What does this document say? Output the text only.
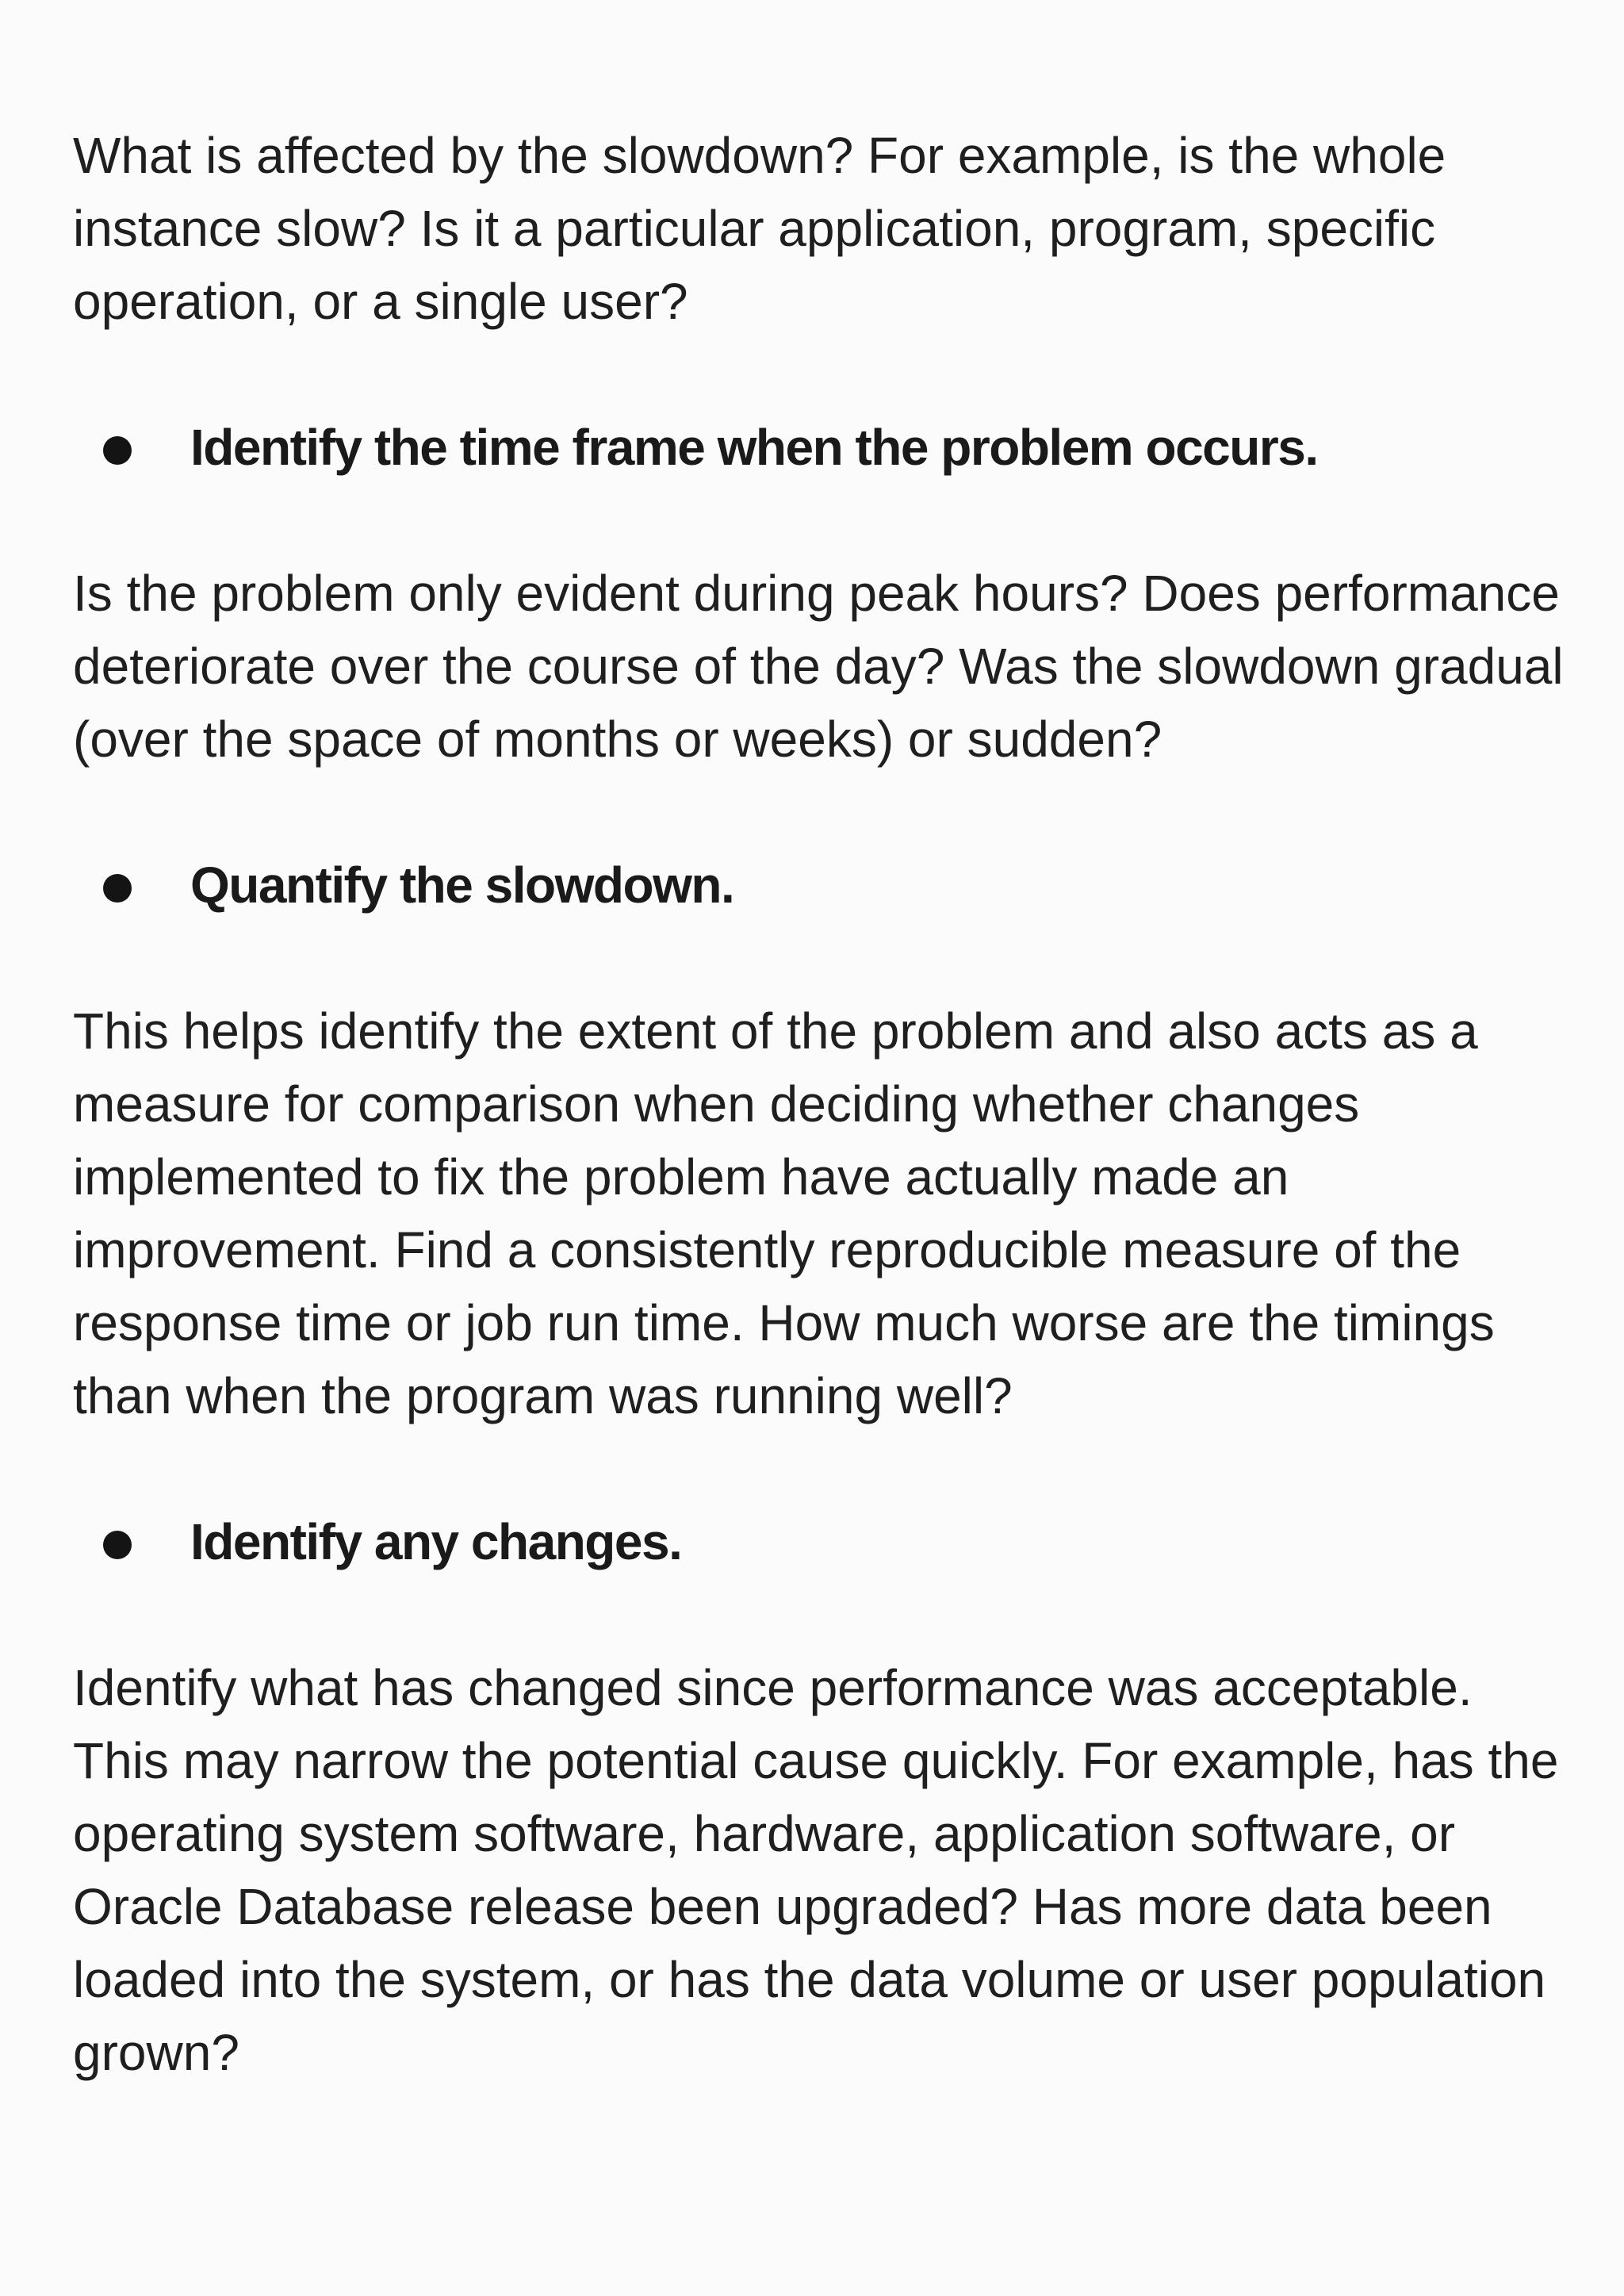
What is affected by the slowdown? For example, is the whole instance slow? Is it a particular application, program, specific operation, or a single user?

Identify the time frame when the problem occurs.

Is the problem only evident during peak hours? Does performance deteriorate over the course of the day? Was the slowdown gradual (over the space of months or weeks) or sudden?

Quantify the slowdown.

This helps identify the extent of the problem and also acts as a measure for comparison when deciding whether changes implemented to fix the problem have actually made an improvement. Find a consistently reproducible measure of the response time or job run time. How much worse are the timings than when the program was running well?

Identify any changes.

Identify what has changed since performance was acceptable. This may narrow the potential cause quickly. For example, has the operating system software, hardware, application software, or Oracle Database release been upgraded? Has more data been loaded into the system, or has the data volume or user population grown?
